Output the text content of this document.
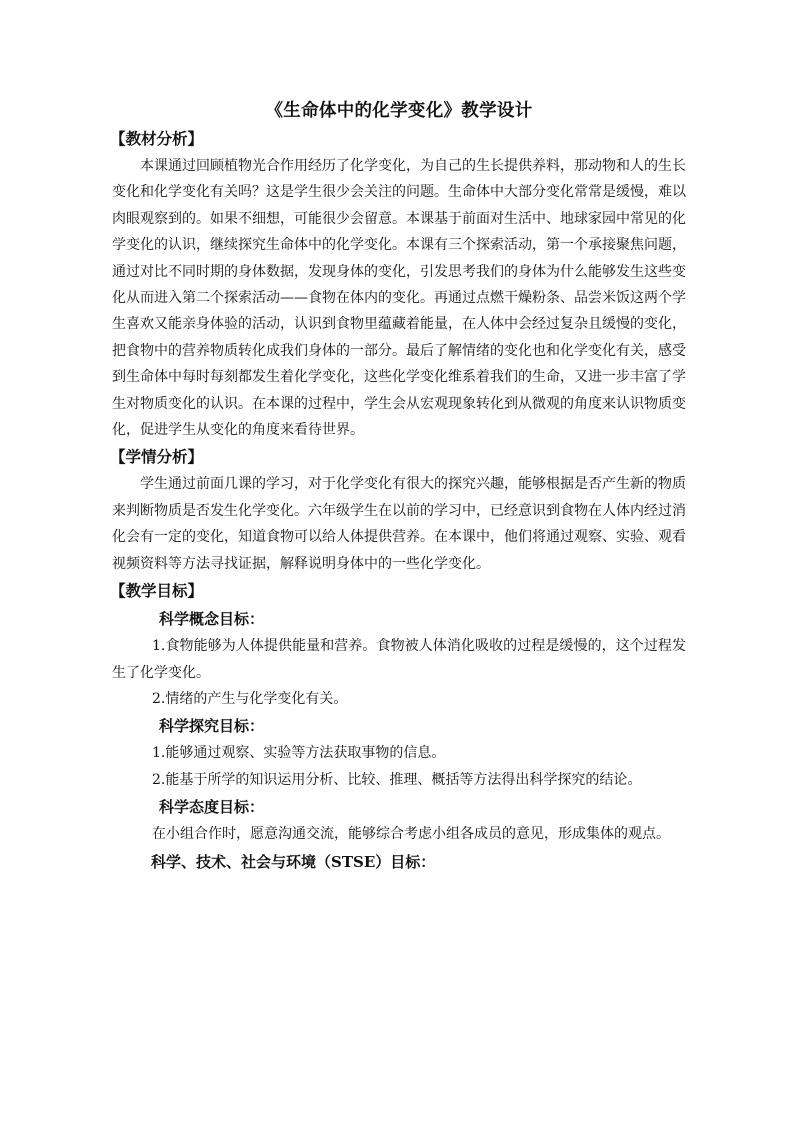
《生命体中的化学变化》教学设计
【教材分析】

本课通过回顾植物光合作用经历了化学变化，为自己的生长提供养料，那动物和人的生长变化和化学变化有关吗？这是学生很少会关注的问题。生命体中大部分变化常常是缓慢，难以肉眼观察到的。如果不细想，可能很少会留意。本课基于前面对生活中、地球家园中常见的化学变化的认识，继续探究生命体中的化学变化。本课有三个探索活动，第一个承接聚焦问题，通过对比不同时期的身体数据，发现身体的变化，引发思考我们的身体为什么能够发生这些变化从而进入第二个探索活动——食物在体内的变化。再通过点燃干燥粉条、品尝米饭这两个学生喜欢又能亲身体验的活动，认识到食物里蕴藏着能量，在人体中会经过复杂且缓慢的变化，把食物中的营养物质转化成我们身体的一部分。最后了解情绪的变化也和化学变化有关，感受到生命体中每时每刻都发生着化学变化，这些化学变化维系着我们的生命，又进一步丰富了学生对物质变化的认识。在本课的过程中，学生会从宏观现象转化到从微观的角度来认识物质变化，促进学生从变化的角度来看待世界。

【学情分析】

学生通过前面几课的学习，对于化学变化有很大的探究兴趣，能够根据是否产生新的物质来判断物质是否发生化学变化。六年级学生在以前的学习中，已经意识到食物在人体内经过消化会有一定的变化，知道食物可以给人体提供营养。在本课中，他们将通过观察、实验、观看视频资料等方法寻找证据，解释说明身体中的一些化学变化。

【教学目标】
科学概念目标：

1.食物能够为人体提供能量和营养。食物被人体消化吸收的过程是缓慢的，这个过程发生了化学变化。

2.情绪的产生与化学变化有关。

科学探究目标：

1.能够通过观察、实验等方法获取事物的信息。

2.能基于所学的知识运用分析、比较、推理、概括等方法得出科学探究的结论。

科学态度目标：

在小组合作时，愿意沟通交流，能够综合考虑小组各成员的意见，形成集体的观点。

科学、技术、社会与环境（STSE）目标：
